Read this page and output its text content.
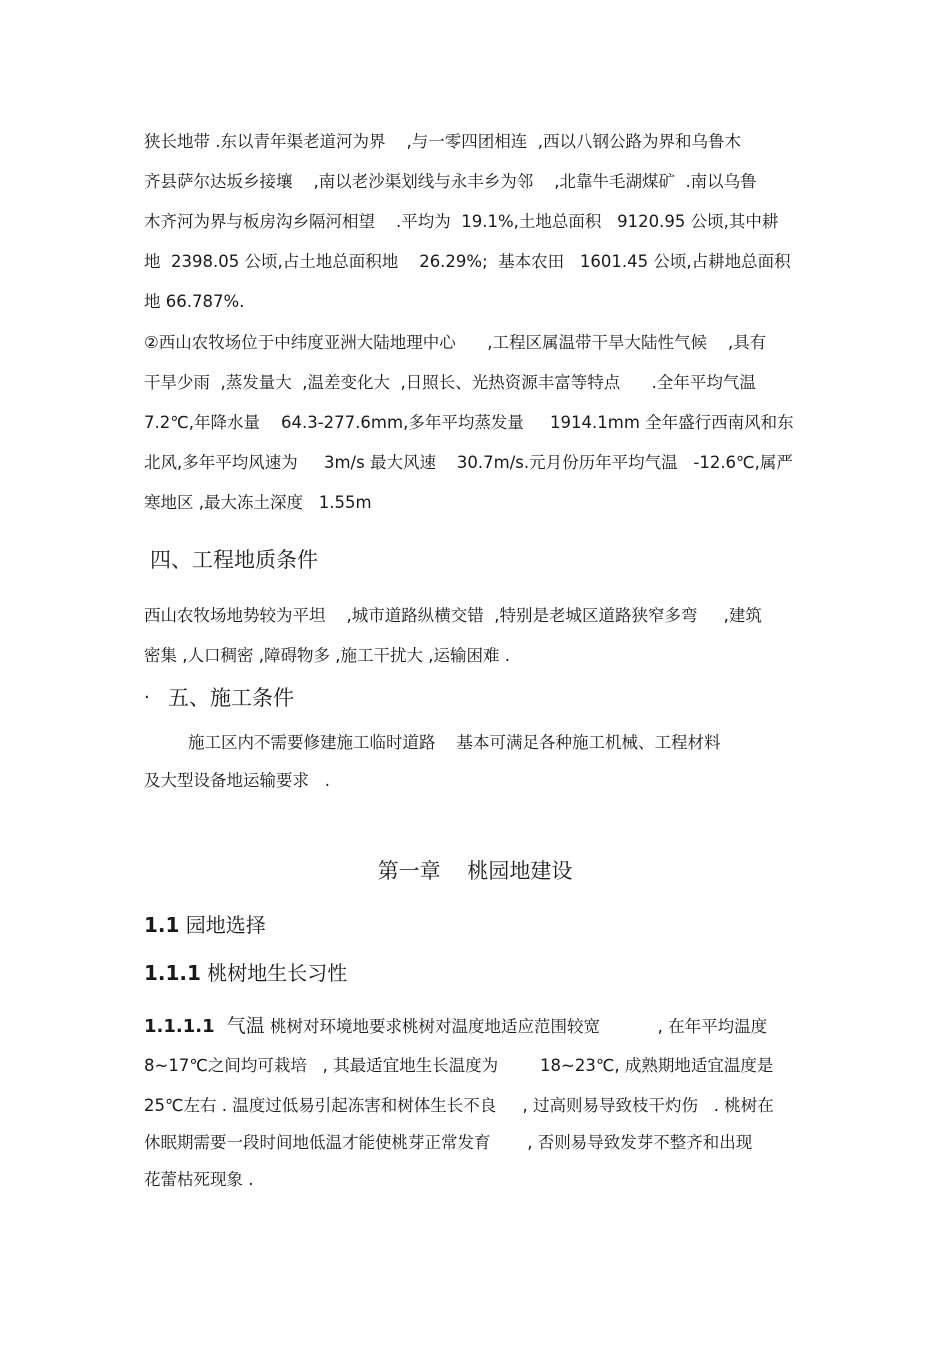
狭长地带 .东以青年渠老道河为界    ,与一零四团相连  ,西以八钢公路为界和乌鲁木
齐县萨尔达坂乡接壤    ,南以老沙渠划线与永丰乡为邻    ,北靠牛毛湖煤矿  .南以乌鲁
木齐河为界与板房沟乡隔河相望    .平均为  19.1%,土地总面积   9120.95 公顷,其中耕
地  2398.05 公顷,占土地总面积地    26.29%;  基本农田   1601.45 公顷,占耕地总面积
地 66.787%.
②西山农牧场位于中纬度亚洲大陆地理中心      ,工程区属温带干旱大陆性气候    ,具有
干旱少雨  ,蒸发量大  ,温差变化大  ,日照长、光热资源丰富等特点      .全年平均气温
7.2℃,年降水量    64.3-277.6mm,多年平均蒸发量     1914.1mm 全年盛行西南风和东
北风,多年平均风速为     3m/s 最大风速    30.7m/s.元月份历年平均气温   -12.6℃,属严
寒地区 ,最大冻土深度   1.55m
四、工程地质条件
西山农牧场地势较为平坦    ,城市道路纵横交错  ,特别是老城区道路狭窄多弯     ,建筑
密集 ,人口稠密 ,障碍物多 ,施工干扰大 ,运输困难 .
· 五、施工条件
施工区内不需要修建施工临时道路    基本可满足各种施工机械、工程材料
及大型设备地运输要求   .
第一章    桃园地建设
1.1 园地选择
1.1.1 桃树地生长习性
1.1.1.1  气温 桃树对环境地要求桃树对温度地适应范围较宽           , 在年平均温度
8~17℃之间均可栽培   , 其最适宜地生长温度为        18~23℃, 成熟期地适宜温度是
25℃左右 . 温度过低易引起冻害和树体生长不良     , 过高则易导致枝干灼伤   . 桃树在
休眠期需要一段时间地低温才能使桃芽正常发育       , 否则易导致发芽不整齐和出现
花蕾枯死现象 .
